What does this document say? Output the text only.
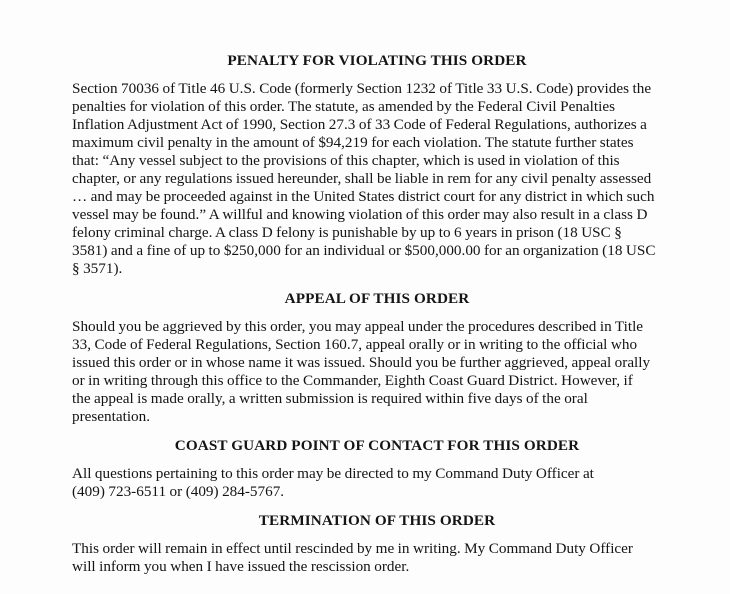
PENALTY FOR VIOLATING THIS ORDER
Section 70036 of Title 46 U.S. Code (formerly Section 1232 of Title 33 U.S. Code) provides the
penalties for violation of this order. The statute, as amended by the Federal Civil Penalties
Inflation Adjustment Act of 1990, Section 27.3 of 33 Code of Federal Regulations, authorizes a
maximum civil penalty in the amount of $94,219 for each violation. The statute further states
that: “Any vessel subject to the provisions of this chapter, which is used in violation of this
chapter, or any regulations issued hereunder, shall be liable in rem for any civil penalty assessed
… and may be proceeded against in the United States district court for any district in which such
vessel may be found.” A willful and knowing violation of this order may also result in a class D
felony criminal charge. A class D felony is punishable by up to 6 years in prison (18 USC §
3581) and a fine of up to $250,000 for an individual or $500,000.00 for an organization (18 USC
§ 3571).
APPEAL OF THIS ORDER
Should you be aggrieved by this order, you may appeal under the procedures described in Title
33, Code of Federal Regulations, Section 160.7, appeal orally or in writing to the official who
issued this order or in whose name it was issued. Should you be further aggrieved, appeal orally
or in writing through this office to the Commander, Eighth Coast Guard District. However, if
the appeal is made orally, a written submission is required within five days of the oral
presentation.
COAST GUARD POINT OF CONTACT FOR THIS ORDER
All questions pertaining to this order may be directed to my Command Duty Officer at
(409) 723-6511 or (409) 284-5767.
TERMINATION OF THIS ORDER
This order will remain in effect until rescinded by me in writing. My Command Duty Officer
will inform you when I have issued the rescission order.
